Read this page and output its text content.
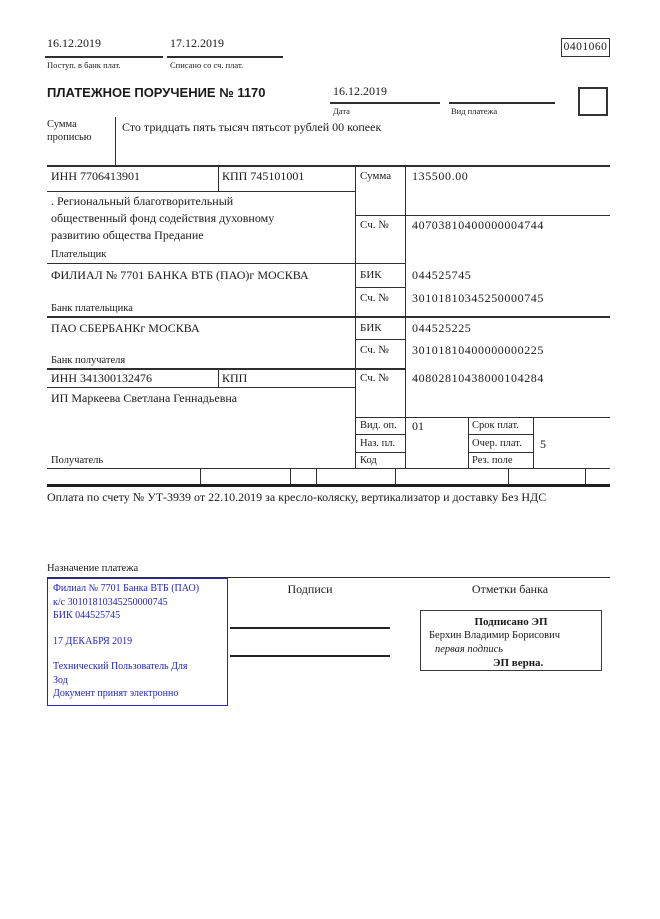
16.12.2019
Поступ. в банк плат.
17.12.2019
Списано со сч. плат.
0401060
ПЛАТЕЖНОЕ ПОРУЧЕНИЕ № 1170	16.12.2019
Дата	Вид платежа
Сумма
прописью
Сто тридцать пять тысяч пятьсот рублей 00 копеек
ИНН 7706413901	КПП 745101001	Сумма 135500.00
. Региональный благотворительный
общественный фонд содействия духовному
развитию общества Предание
Сч. № 40703810400000004744
Плательщик
ФИЛИАЛ № 7701 БАНКА ВТБ (ПАО)г МОСКВА	БИК	044525745
Сч. № 30101810345250000745
Банк плательщика
ПАО СБЕРБАНКг МОСКВА	БИК	044525225
Сч. № 30101810400000000225
Банк получателя
ИНН 341300132476	КПП	Сч. № 40802810438000104284
ИП Маркеева Светлана Геннадьевна
Вид. оп. 01	Срок плат.
Наз. пл.	Очер. плат. 5
Код	Рез. поле
Получатель
Оплата по счету № УТ-3939 от 22.10.2019 за кресло-коляску, вертикализатор и доставку Без НДС
Назначение платежа
Подписи	Отметки банка
Филиал № 7701 Банка ВТБ (ПАО)
к/с 30101810345250000745
БИК 044525745
17 ДЕКАБРЯ 2019
Технический Пользователь Для
Зод
Документ принят электронно
Подписано ЭП
Берхин Владимир Борисович
первая подпись
ЭП верна.
